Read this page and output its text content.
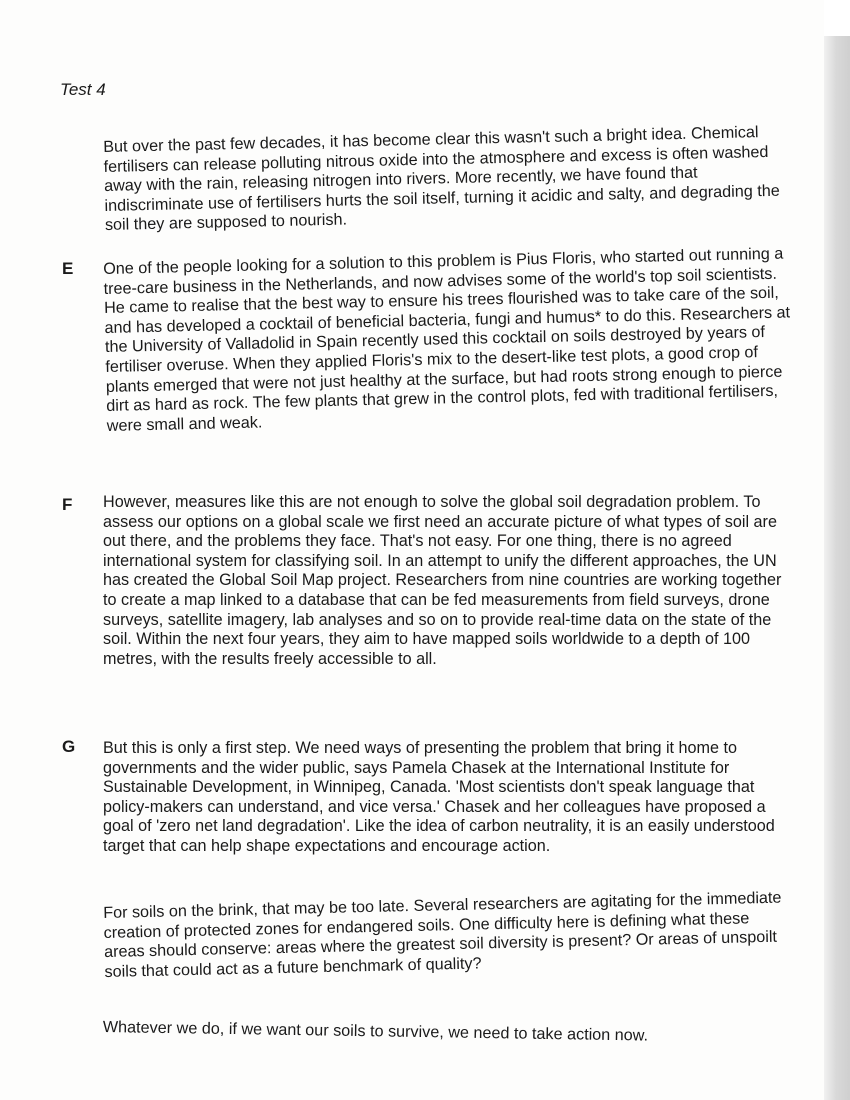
Test 4

But over the past few decades, it has become clear this wasn't such a bright idea. Chemical fertilisers can release polluting nitrous oxide into the atmosphere and excess is often washed away with the rain, releasing nitrogen into rivers. More recently, we have found that indiscriminate use of fertilisers hurts the soil itself, turning it acidic and salty, and degrading the soil they are supposed to nourish.

E One of the people looking for a solution to this problem is Pius Floris, who started out running a tree-care business in the Netherlands, and now advises some of the world's top soil scientists. He came to realise that the best way to ensure his trees flourished was to take care of the soil, and has developed a cocktail of beneficial bacteria, fungi and humus* to do this. Researchers at the University of Valladolid in Spain recently used this cocktail on soils destroyed by years of fertiliser overuse. When they applied Floris's mix to the desert-like test plots, a good crop of plants emerged that were not just healthy at the surface, but had roots strong enough to pierce dirt as hard as rock. The few plants that grew in the control plots, fed with traditional fertilisers, were small and weak.

F However, measures like this are not enough to solve the global soil degradation problem. To assess our options on a global scale we first need an accurate picture of what types of soil are out there, and the problems they face. That's not easy. For one thing, there is no agreed international system for classifying soil. In an attempt to unify the different approaches, the UN has created the Global Soil Map project. Researchers from nine countries are working together to create a map linked to a database that can be fed measurements from field surveys, drone surveys, satellite imagery, lab analyses and so on to provide real-time data on the state of the soil. Within the next four years, they aim to have mapped soils worldwide to a depth of 100 metres, with the results freely accessible to all.

G But this is only a first step. We need ways of presenting the problem that bring it home to governments and the wider public, says Pamela Chasek at the International Institute for Sustainable Development, in Winnipeg, Canada. 'Most scientists don't speak language that policy-makers can understand, and vice versa.' Chasek and her colleagues have proposed a goal of 'zero net land degradation'. Like the idea of carbon neutrality, it is an easily understood target that can help shape expectations and encourage action.

For soils on the brink, that may be too late. Several researchers are agitating for the immediate creation of protected zones for endangered soils. One difficulty here is defining what these areas should conserve: areas where the greatest soil diversity is present? Or areas of unspoilt soils that could act as a future benchmark of quality?

Whatever we do, if we want our soils to survive, we need to take action now.
